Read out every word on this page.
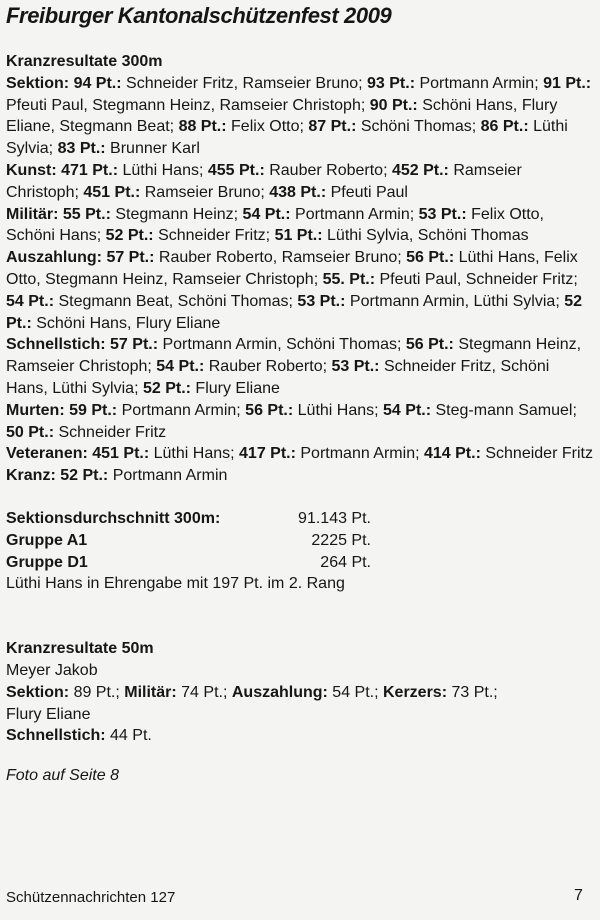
Freiburger Kantonalschützenfest 2009
Kranzresultate 300m
Sektion: 94 Pt.: Schneider Fritz, Ramseier Bruno; 93 Pt.: Portmann Armin; 91 Pt.: Pfeuti Paul, Stegmann Heinz, Ramseier Christoph; 90 Pt.: Schöni Hans, Flury Eliane, Stegmann Beat; 88 Pt.: Felix Otto; 87 Pt.: Schöni Thomas; 86 Pt.: Lüthi Sylvia; 83 Pt.: Brunner Karl
Kunst: 471 Pt.: Lüthi Hans; 455 Pt.: Rauber Roberto; 452 Pt.: Ramseier Christoph; 451 Pt.: Ramseier Bruno; 438 Pt.: Pfeuti Paul
Militär: 55 Pt.: Stegmann Heinz; 54 Pt.: Portmann Armin; 53 Pt.: Felix Otto, Schöni Hans; 52 Pt.: Schneider Fritz; 51 Pt.: Lüthi Sylvia, Schöni Thomas
Auszahlung: 57 Pt.: Rauber Roberto, Ramseier Bruno; 56 Pt.: Lüthi Hans, Felix Otto, Stegmann Heinz, Ramseier Christoph; 55. Pt.: Pfeuti Paul, Schneider Fritz; 54 Pt.: Stegmann Beat, Schöni Thomas; 53 Pt.: Portmann Armin, Lüthi Sylvia; 52 Pt.: Schöni Hans, Flury Eliane
Schnellstich: 57 Pt.: Portmann Armin, Schöni Thomas; 56 Pt.: Stegmann Heinz, Ramseier Christoph; 54 Pt.: Rauber Roberto; 53 Pt.: Schneider Fritz, Schöni Hans, Lüthi Sylvia; 52 Pt.: Flury Eliane
Murten: 59 Pt.: Portmann Armin; 56 Pt.: Lüthi Hans; 54 Pt.: Steg-mann Samuel; 50 Pt.: Schneider Fritz
Veteranen: 451 Pt.: Lüthi Hans; 417 Pt.: Portmann Armin; 414 Pt.: Schneider Fritz
Kranz: 52 Pt.: Portmann Armin
Sektionsdurchschnitt 300m:	91.143 Pt.
Gruppe A1	2225 Pt.
Gruppe D1	264 Pt.
Lüthi Hans in Ehrengabe mit 197 Pt. im 2. Rang
Kranzresultate 50m
Meyer Jakob
Sektion: 89 Pt.; Militär: 74 Pt.; Auszahlung: 54 Pt.; Kerzers: 73 Pt.;
Flury Eliane
Schnellstich: 44 Pt.
Foto auf Seite 8
Schützennachrichten 127	7
